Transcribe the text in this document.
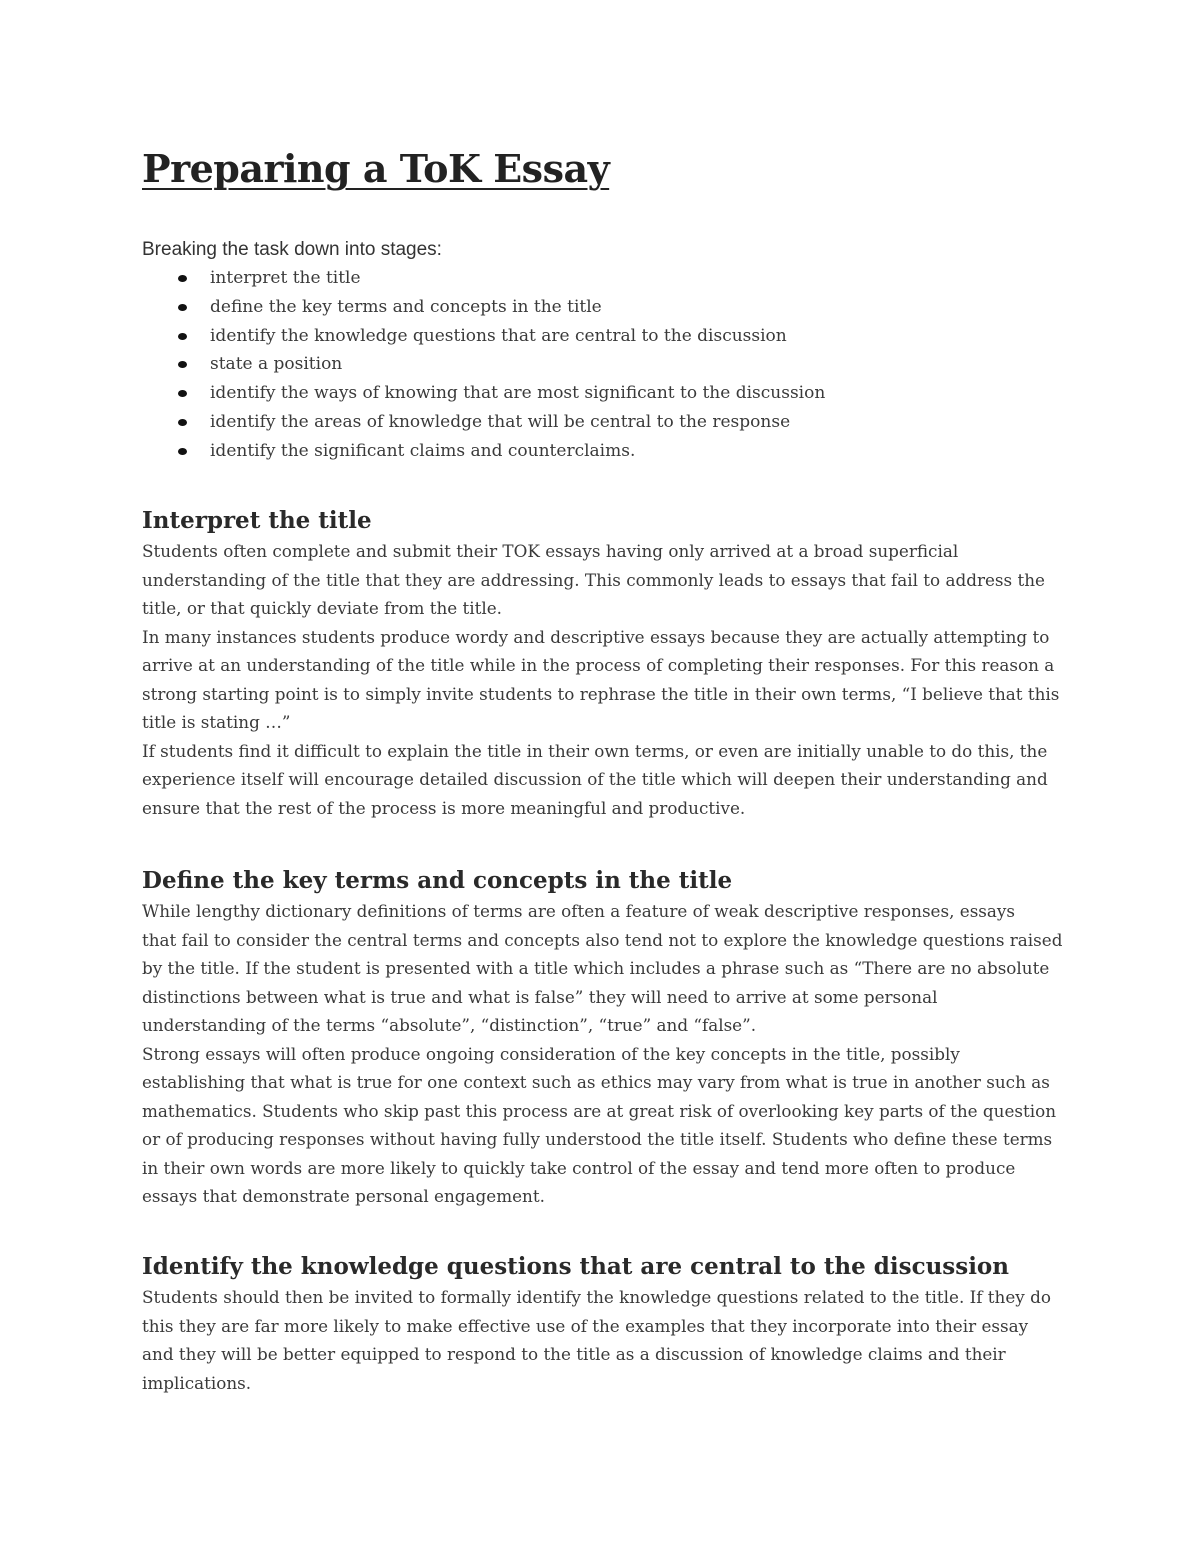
Preparing a ToK Essay

Breaking the task down into stages:

interpret the title
define the key terms and concepts in the title
identify the knowledge questions that are central to the discussion
state a position
identify the ways of knowing that are most significant to the discussion
identify the areas of knowledge that will be central to the response
identify the significant claims and counterclaims.
Interpret the title

Students often complete and submit their TOK essays having only arrived at a broad superficial
understanding of the title that they are addressing. This commonly leads to essays that fail to address the
title, or that quickly deviate from the title.
In many instances students produce wordy and descriptive essays because they are actually attempting to
arrive at an understanding of the title while in the process of completing their responses. For this reason a
strong starting point is to simply invite students to rephrase the title in their own terms, “I believe that this
title is stating …”
If students find it difficult to explain the title in their own terms, or even are initially unable to do this, the
experience itself will encourage detailed discussion of the title which will deepen their understanding and
ensure that the rest of the process is more meaningful and productive.

Define the key terms and concepts in the title

While lengthy dictionary definitions of terms are often a feature of weak descriptive responses, essays
that fail to consider the central terms and concepts also tend not to explore the knowledge questions raised
by the title. If the student is presented with a title which includes a phrase such as “There are no absolute
distinctions between what is true and what is false” they will need to arrive at some personal
understanding of the terms “absolute”, “distinction”, “true” and “false”.
Strong essays will often produce ongoing consideration of the key concepts in the title, possibly
establishing that what is true for one context such as ethics may vary from what is true in another such as
mathematics. Students who skip past this process are at great risk of overlooking key parts of the question
or of producing responses without having fully understood the title itself. Students who define these terms
in their own words are more likely to quickly take control of the essay and tend more often to produce
essays that demonstrate personal engagement.

Identify the knowledge questions that are central to the discussion

Students should then be invited to formally identify the knowledge questions related to the title. If they do
this they are far more likely to make effective use of the examples that they incorporate into their essay
and they will be better equipped to respond to the title as a discussion of knowledge claims and their
implications.
